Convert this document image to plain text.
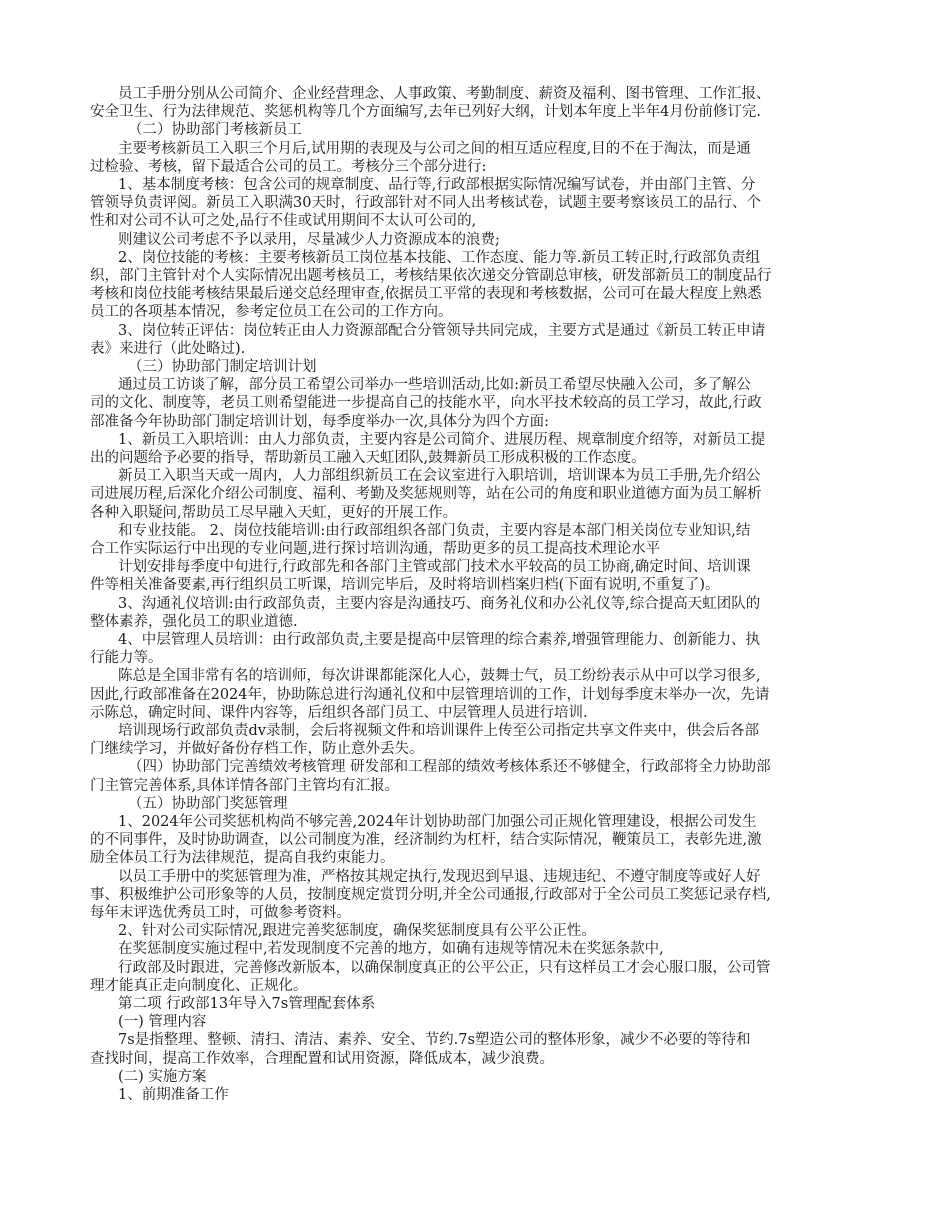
员工手册分别从公司简介、企业经营理念、人事政策、考勤制度、薪资及福利、图书管理、工作汇报、
安全卫生、行为法律规范、奖惩机构等几个方面编写,去年已列好大纲，计划本年度上半年4月份前修订完.
（二）协助部门考核新员工
主要考核新员工入职三个月后,试用期的表现及与公司之间的相互适应程度,目的不在于淘汰，而是通
过检验、考核，留下最适合公司的员工。考核分三个部分进行:
1、基本制度考核：包含公司的规章制度、品行等,行政部根据实际情况编写试卷，并由部门主管、分
管领导负责评阅。新员工入职满30天时，行政部针对不同人出考核试卷，试题主要考察该员工的品行、个
性和对公司不认可之处,品行不佳或试用期间不太认可公司的,
则建议公司考虑不予以录用，尽量减少人力资源成本的浪费;
2、岗位技能的考核：主要考核新员工岗位基本技能、工作态度、能力等.新员工转正时,行政部负责组
织，部门主管针对个人实际情况出题考核员工，考核结果依次递交分管副总审核，研发部新员工的制度品行
考核和岗位技能考核结果最后递交总经理审查,依据员工平常的表现和考核数据，公司可在最大程度上熟悉
员工的各项基本情况，参考定位员工在公司的工作方向。
3、岗位转正评估：岗位转正由人力资源部配合分管领导共同完成，主要方式是通过《新员工转正申请
表》来进行（此处略过).
（三）协助部门制定培训计划
通过员工访谈了解，部分员工希望公司举办一些培训活动,比如:新员工希望尽快融入公司，多了解公
司的文化、制度等，老员工则希望能进一步提高自己的技能水平，向水平技术较高的员工学习，故此,行政
部准备今年协助部门制定培训计划，每季度举办一次,具体分为四个方面:
1、新员工入职培训：由人力部负责，主要内容是公司简介、进展历程、规章制度介绍等，对新员工提
出的问题给予必要的指导，帮助新员工融入天虹团队,鼓舞新员工形成积极的工作态度。
新员工入职当天或一周内，人力部组织新员工在会议室进行入职培训，培训课本为员工手册,先介绍公
司进展历程,后深化介绍公司制度、福利、考勤及奖惩规则等，站在公司的角度和职业道德方面为员工解析
各种入职疑问,帮助员工尽早融入天虹，更好的开展工作。
和专业技能。 2、岗位技能培训:由行政部组织各部门负责，主要内容是本部门相关岗位专业知识,结
合工作实际运行中出现的专业问题,进行探讨培训沟通，帮助更多的员工提高技术理论水平
计划安排每季度中旬进行,行政部先和各部门主管或部门技术水平较高的员工协商,确定时间、培训课
件等相关准备要素,再行组织员工听课，培训完毕后，及时将培训档案归档(下面有说明,不重复了)。
3、沟通礼仪培训:由行政部负责，主要内容是沟通技巧、商务礼仪和办公礼仪等,综合提高天虹团队的
整体素养，强化员工的职业道德.
4、中层管理人员培训：由行政部负责,主要是提高中层管理的综合素养,增强管理能力、创新能力、执
行能力等。
陈总是全国非常有名的培训师，每次讲课都能深化人心，鼓舞士气，员工纷纷表示从中可以学习很多,
因此,行政部准备在2024年，协助陈总进行沟通礼仪和中层管理培训的工作，计划每季度末举办一次，先请
示陈总，确定时间、课件内容等，后组织各部门员工、中层管理人员进行培训.
培训现场行政部负责dv录制，会后将视频文件和培训课件上传至公司指定共享文件夹中，供会后各部
门继续学习，并做好备份存档工作，防止意外丢失。
（四）协助部门完善绩效考核管理 研发部和工程部的绩效考核体系还不够健全，行政部将全力协助部
门主管完善体系,具体详情各部门主管均有汇报。
（五）协助部门奖惩管理
1、2024年公司奖惩机构尚不够完善,2024年计划协助部门加强公司正规化管理建设，根据公司发生
的不同事件，及时协助调查，以公司制度为准，经济制约为杠杆，结合实际情况，鞭策员工，表彰先进,激
励全体员工行为法律规范，提高自我约束能力。
以员工手册中的奖惩管理为准，严格按其规定执行,发现迟到早退、违规违纪、不遵守制度等或好人好
事、积极维护公司形象等的人员，按制度规定赏罚分明,并全公司通报,行政部对于全公司员工奖惩记录存档,
每年末评选优秀员工时，可做参考资料。
2、针对公司实际情况,跟进完善奖惩制度，确保奖惩制度具有公平公正性。
在奖惩制度实施过程中,若发现制度不完善的地方，如确有违规等情况未在奖惩条款中,
行政部及时跟进，完善修改新版本，以确保制度真正的公平公正，只有这样员工才会心服口服，公司管
理才能真正走向制度化、正规化。
第二项 行政部13年导入7s管理配套体系
(一) 管理内容
7s是指整理、整顿、清扫、清洁、素养、安全、节约.7s塑造公司的整体形象，减少不必要的等待和
查找时间，提高工作效率，合理配置和试用资源，降低成本，减少浪费。
(二) 实施方案
1、前期准备工作
